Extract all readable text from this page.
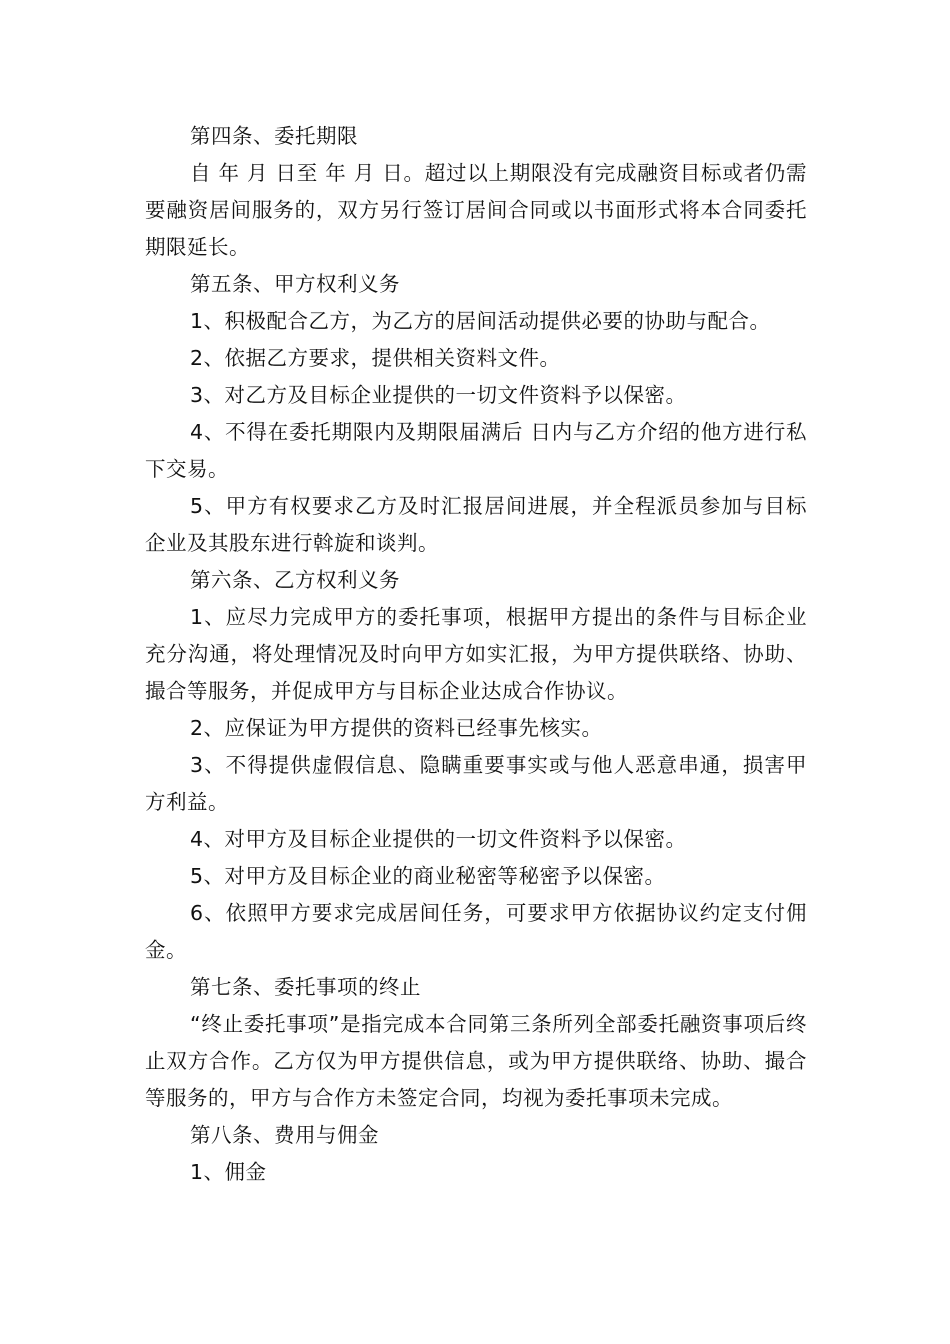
第四条、委托期限

自 年 月 日至 年 月 日。超过以上期限没有完成融资目标或者仍需要融资居间服务的，双方另行签订居间合同或以书面形式将本合同委托期限延长。

第五条、甲方权利义务

1、积极配合乙方，为乙方的居间活动提供必要的协助与配合。

2、依据乙方要求，提供相关资料文件。

3、对乙方及目标企业提供的一切文件资料予以保密。

4、不得在委托期限内及期限届满后 日内与乙方介绍的他方进行私下交易。

5、甲方有权要求乙方及时汇报居间进展，并全程派员参加与目标企业及其股东进行斡旋和谈判。

第六条、乙方权利义务

1、应尽力完成甲方的委托事项，根据甲方提出的条件与目标企业充分沟通，将处理情况及时向甲方如实汇报，为甲方提供联络、协助、撮合等服务，并促成甲方与目标企业达成合作协议。

2、应保证为甲方提供的资料已经事先核实。

3、不得提供虚假信息、隐瞒重要事实或与他人恶意串通，损害甲方利益。

4、对甲方及目标企业提供的一切文件资料予以保密。

5、对甲方及目标企业的商业秘密等秘密予以保密。

6、依照甲方要求完成居间任务，可要求甲方依据协议约定支付佣金。

第七条、委托事项的终止

“终止委托事项”是指完成本合同第三条所列全部委托融资事项后终止双方合作。乙方仅为甲方提供信息，或为甲方提供联络、协助、撮合等服务的，甲方与合作方未签定合同，均视为委托事项未完成。

第八条、费用与佣金

1、佣金
